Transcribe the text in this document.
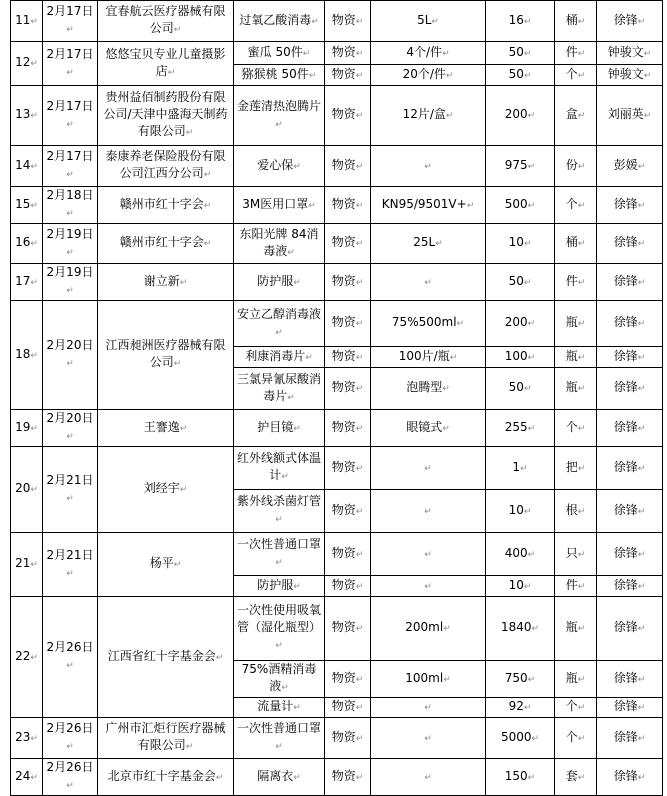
11↵	2月17日↵	宜春航云医疗器械有限公司↵	过氧乙酸消毒↵	物资↵	5L↵	16↵	桶↵	徐锋↵
12↵	2月17日↵	悠悠宝贝专业儿童摄影店↵	蜜瓜 50件↵	物资↵	4个/件↵	50↵	件↵	钟骏文↵
			猕猴桃 50件↵	物资↵	20个/件↵	50↵	个↵	钟骏文↵
13↵	2月17日↵	贵州益佰制药股份有限公司/天津中盛海天制药有限公司↵	金莲清热泡腾片↵	物资↵	12片/盒↵	200↵	盒↵	刘丽英↵
14↵	2月17日↵	泰康养老保险股份有限公司江西分公司↵	爱心保↵	物资↵	↵	975↵	份↵	彭媛↵
15↵	2月18日↵	赣州市红十字会↵	3M医用口罩↵	物资↵	KN95/9501V+↵	500↵	个↵	徐锋↵
16↵	2月19日↵	赣州市红十字会↵	东阳光牌 84消毒液↵	物资↵	25L↵	10↵	桶↵	徐锋↵
17↵	2月19日↵	谢立新↵	防护服↵	物资↵	↵	50↵	件↵	徐锋↵
18↵	2月20日↵	江西昶洲医疗器械有限公司↵	安立乙醇消毒液↵	物资↵	75%500ml↵	200↵	瓶↵	徐锋↵
			利康消毒片↵	物资↵	100片/瓶↵	100↵	瓶↵	徐锋↵
			三氯异氰尿酸消毒片↵	物资↵	泡腾型↵	50↵	瓶↵	徐锋↵
19↵	2月20日↵	王謇逸↵	护目镜↵	物资↵	眼镜式↵	255↵	个↵	徐锋↵
20↵	2月21日↵	刘经宇↵	红外线额式体温计↵	物资↵	↵	1↵	把↵	徐锋↵
			紫外线杀菌灯管↵	物资↵	↵	10↵	根↵	徐锋↵
21↵	2月21日↵	杨平↵	一次性普通口罩↵	物资↵	↵	400↵	只↵	徐锋↵
			防护服↵	物资↵	↵	10↵	件↵	徐锋↵
22↵	2月26日↵	江西省红十字基金会↵	一次性使用吸氧管（湿化瓶型）↵	物资↵	200ml↵	1840↵	瓶↵	徐锋↵
			75%酒精消毒液↵	物资↵	100ml↵	750↵	瓶↵	徐锋↵
			流量计↵	物资↵	↵	92↵	个↵	徐锋↵
23↵	2月26日↵	广州市汇炬行医疗器械有限公司↵	一次性普通口罩↵	物资↵	↵	5000↵	个↵	徐锋↵
24↵	2月26日↵	北京市红十字基金会↵	隔离衣↵	物资↵	↵	150↵	套↵	徐锋↵
